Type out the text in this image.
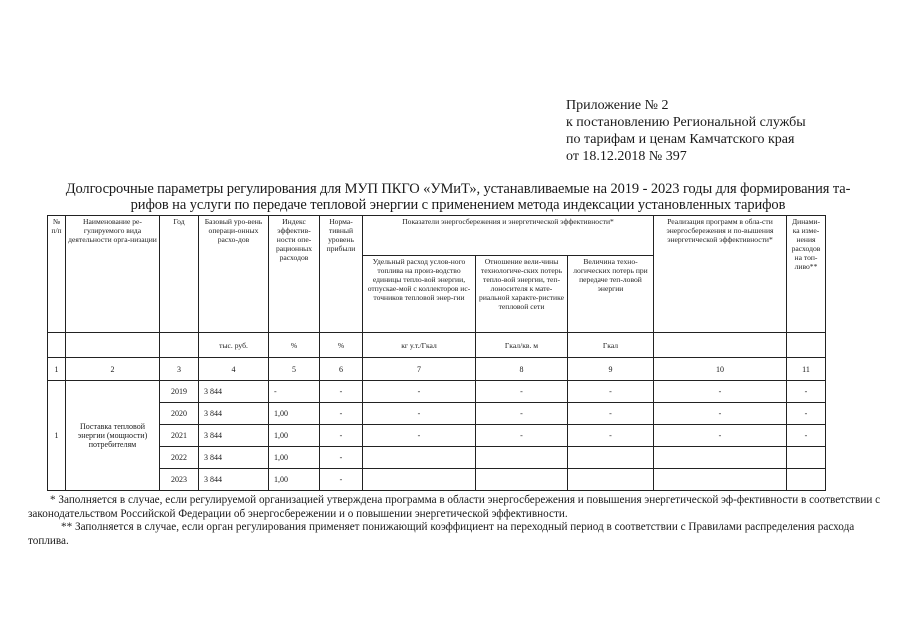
Приложение № 2
к постановлению Региональной службы
по тарифам и ценам Камчатского края
от 18.12.2018 № 397
Долгосрочные параметры регулирования для МУП ПКГО «УМиТ», устанавливаемые на 2019 - 2023 годы для формирования та-
рифов на услуги по передаче тепловой энергии с применением метода индексации установленных тарифов
№ п/п	Наименование ре-гулируемого вида деятельности орга-низации	Год	Базовый уро-вень операци-онных расхо-дов	Индекс эффектив-ности опе-рационных расходов	Норма-тивный уровень прибыли	Показатели энергосбережения и энергетической эффективности*			Реализация программ в обла-сти энергосбережения и по-вышения энергетической эффективности*	Динами-ка изме-нения расходов на топ-ливо**
						Удельный расход услов-ного топлива на произ-водство единицы тепло-вой энергии, отпускае-мой с коллекторов ис-точников тепловой энер-гии	Отношение вели-чины технологиче-ских потерь тепло-вой энергии, теп-лоносителя к мате-риальной характе-ристике тепловой сети	Величина техно-логических потерь при передаче теп-ловой энергии		
			тыс. руб.	%	%	кг у.т./Гкал	Гкал/кв. м	Гкал		
1	2	3	4	5	6	7	8	9	10	11
1	Поставка тепловой энергии (мощности) потребителям	2019	3 844	-	-	-	-	-	-	-
		2020	3 844	1,00	-	-	-	-	-	-
		2021	3 844	1,00	-	-	-	-	-	-
		2022	3 844	1,00	-					
		2023	3 844	1,00	-					

* Заполняется в случае, если регулируемой организацией утверждена программа в области энергосбережения и повышения энергетической эф-фективности в соответствии с законодательством Российской Федерации об энергосбережении и о повышении энергетической эффективности.

** Заполняется в случае, если орган регулирования применяет понижающий коэффициент на переходный период в соответствии с Правилами распределения расхода топлива.
